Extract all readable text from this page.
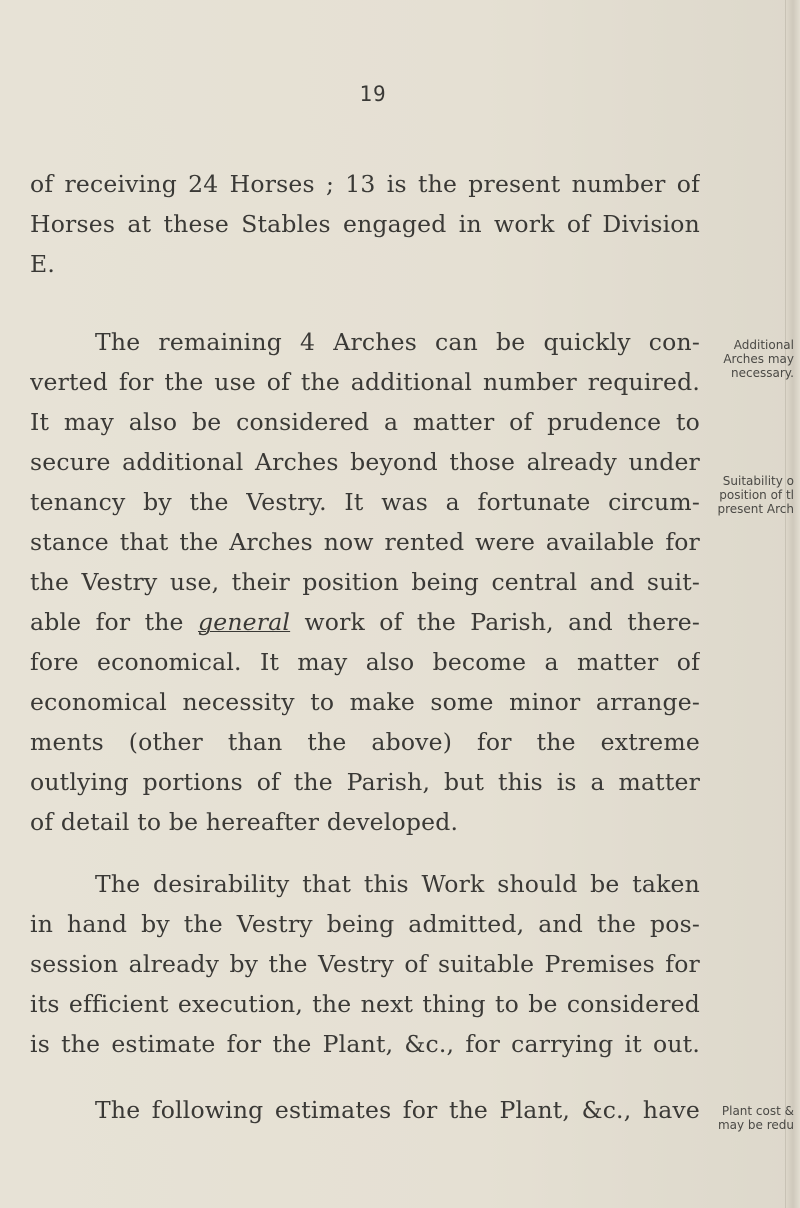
19
of receiving 24 Horses ; 13 is the present number of
Horses at these Stables engaged in work of Division
E.
The remaining 4 Arches can be quickly con-
verted for the use of the additional number required.
It may also be considered a matter of prudence to
secure additional Arches beyond those already under
tenancy by the Vestry. It was a fortunate circum-
stance that the Arches now rented were available for
the Vestry use, their position being central and suit-
able for the general work of the Parish, and there-
fore economical. It may also become a matter of
economical necessity to make some minor arrange-
ments (other than the above) for the extreme
outlying portions of the Parish, but this is a matter
of detail to be hereafter developed.
The desirability that this Work should be taken
in hand by the Vestry being admitted, and the pos-
session already by the Vestry of suitable Premises for
its efficient execution, the next thing to be considered
is the estimate for the Plant, &c., for carrying it out.
The following estimates for the Plant, &c., have
Additional
Arches may
necessary.
Suitability o
position of tl
present Arch
Plant cost &
may be redu
